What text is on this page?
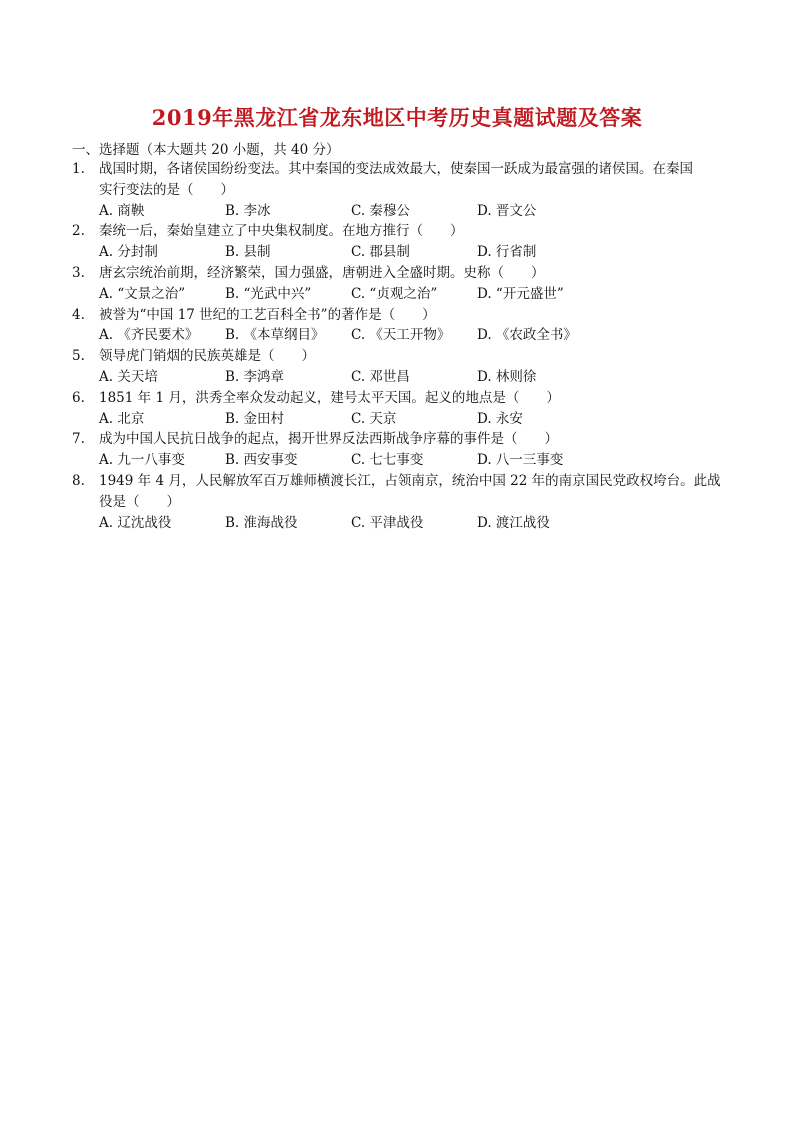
2019年黑龙江省龙东地区中考历史真题试题及答案
一、选择题（本大题共 20 小题，共 40 分）
1. 战国时期，各诸侯国纷纷变法。其中秦国的变法成效最大，使秦国一跃成为最富强的诸侯国。在秦国
实行变法的是（　　）
A. 商鞅	B. 李冰	C. 秦穆公	D. 晋文公
2. 秦统一后，秦始皇建立了中央集权制度。在地方推行（　　）
A. 分封制	B. 县制	C. 郡县制	D. 行省制
3. 唐玄宗统治前期，经济繁荣，国力强盛，唐朝进入全盛时期。史称（　　）
A. “文景之治”	B. “光武中兴”	C. “贞观之治”	D. “开元盛世”
4. 被誉为“中国 17 世纪的工艺百科全书”的著作是（　　）
A. 《齐民要术》 B. 《本草纲目》 C. 《天工开物》 D. 《农政全书》
5. 领导虎门销烟的民族英雄是（　　）
A. 关天培	B. 李鸿章	C. 邓世昌	D. 林则徐
6. 1851 年 1 月，洪秀全率众发动起义，建号太平天国。起义的地点是（　　）
A. 北京	B. 金田村	C. 天京	D. 永安
7. 成为中国人民抗日战争的起点，揭开世界反法西斯战争序幕的事件是（　　）
A. 九一八事变	B. 西安事变	C. 七七事变	D. 八一三事变
8. 1949 年 4 月，人民解放军百万雄师横渡长江，占领南京，统治中国 22 年的南京国民党政权垮台。此战
役是（　　）
A. 辽沈战役	B. 淮海战役	C. 平津战役	D. 渡江战役
